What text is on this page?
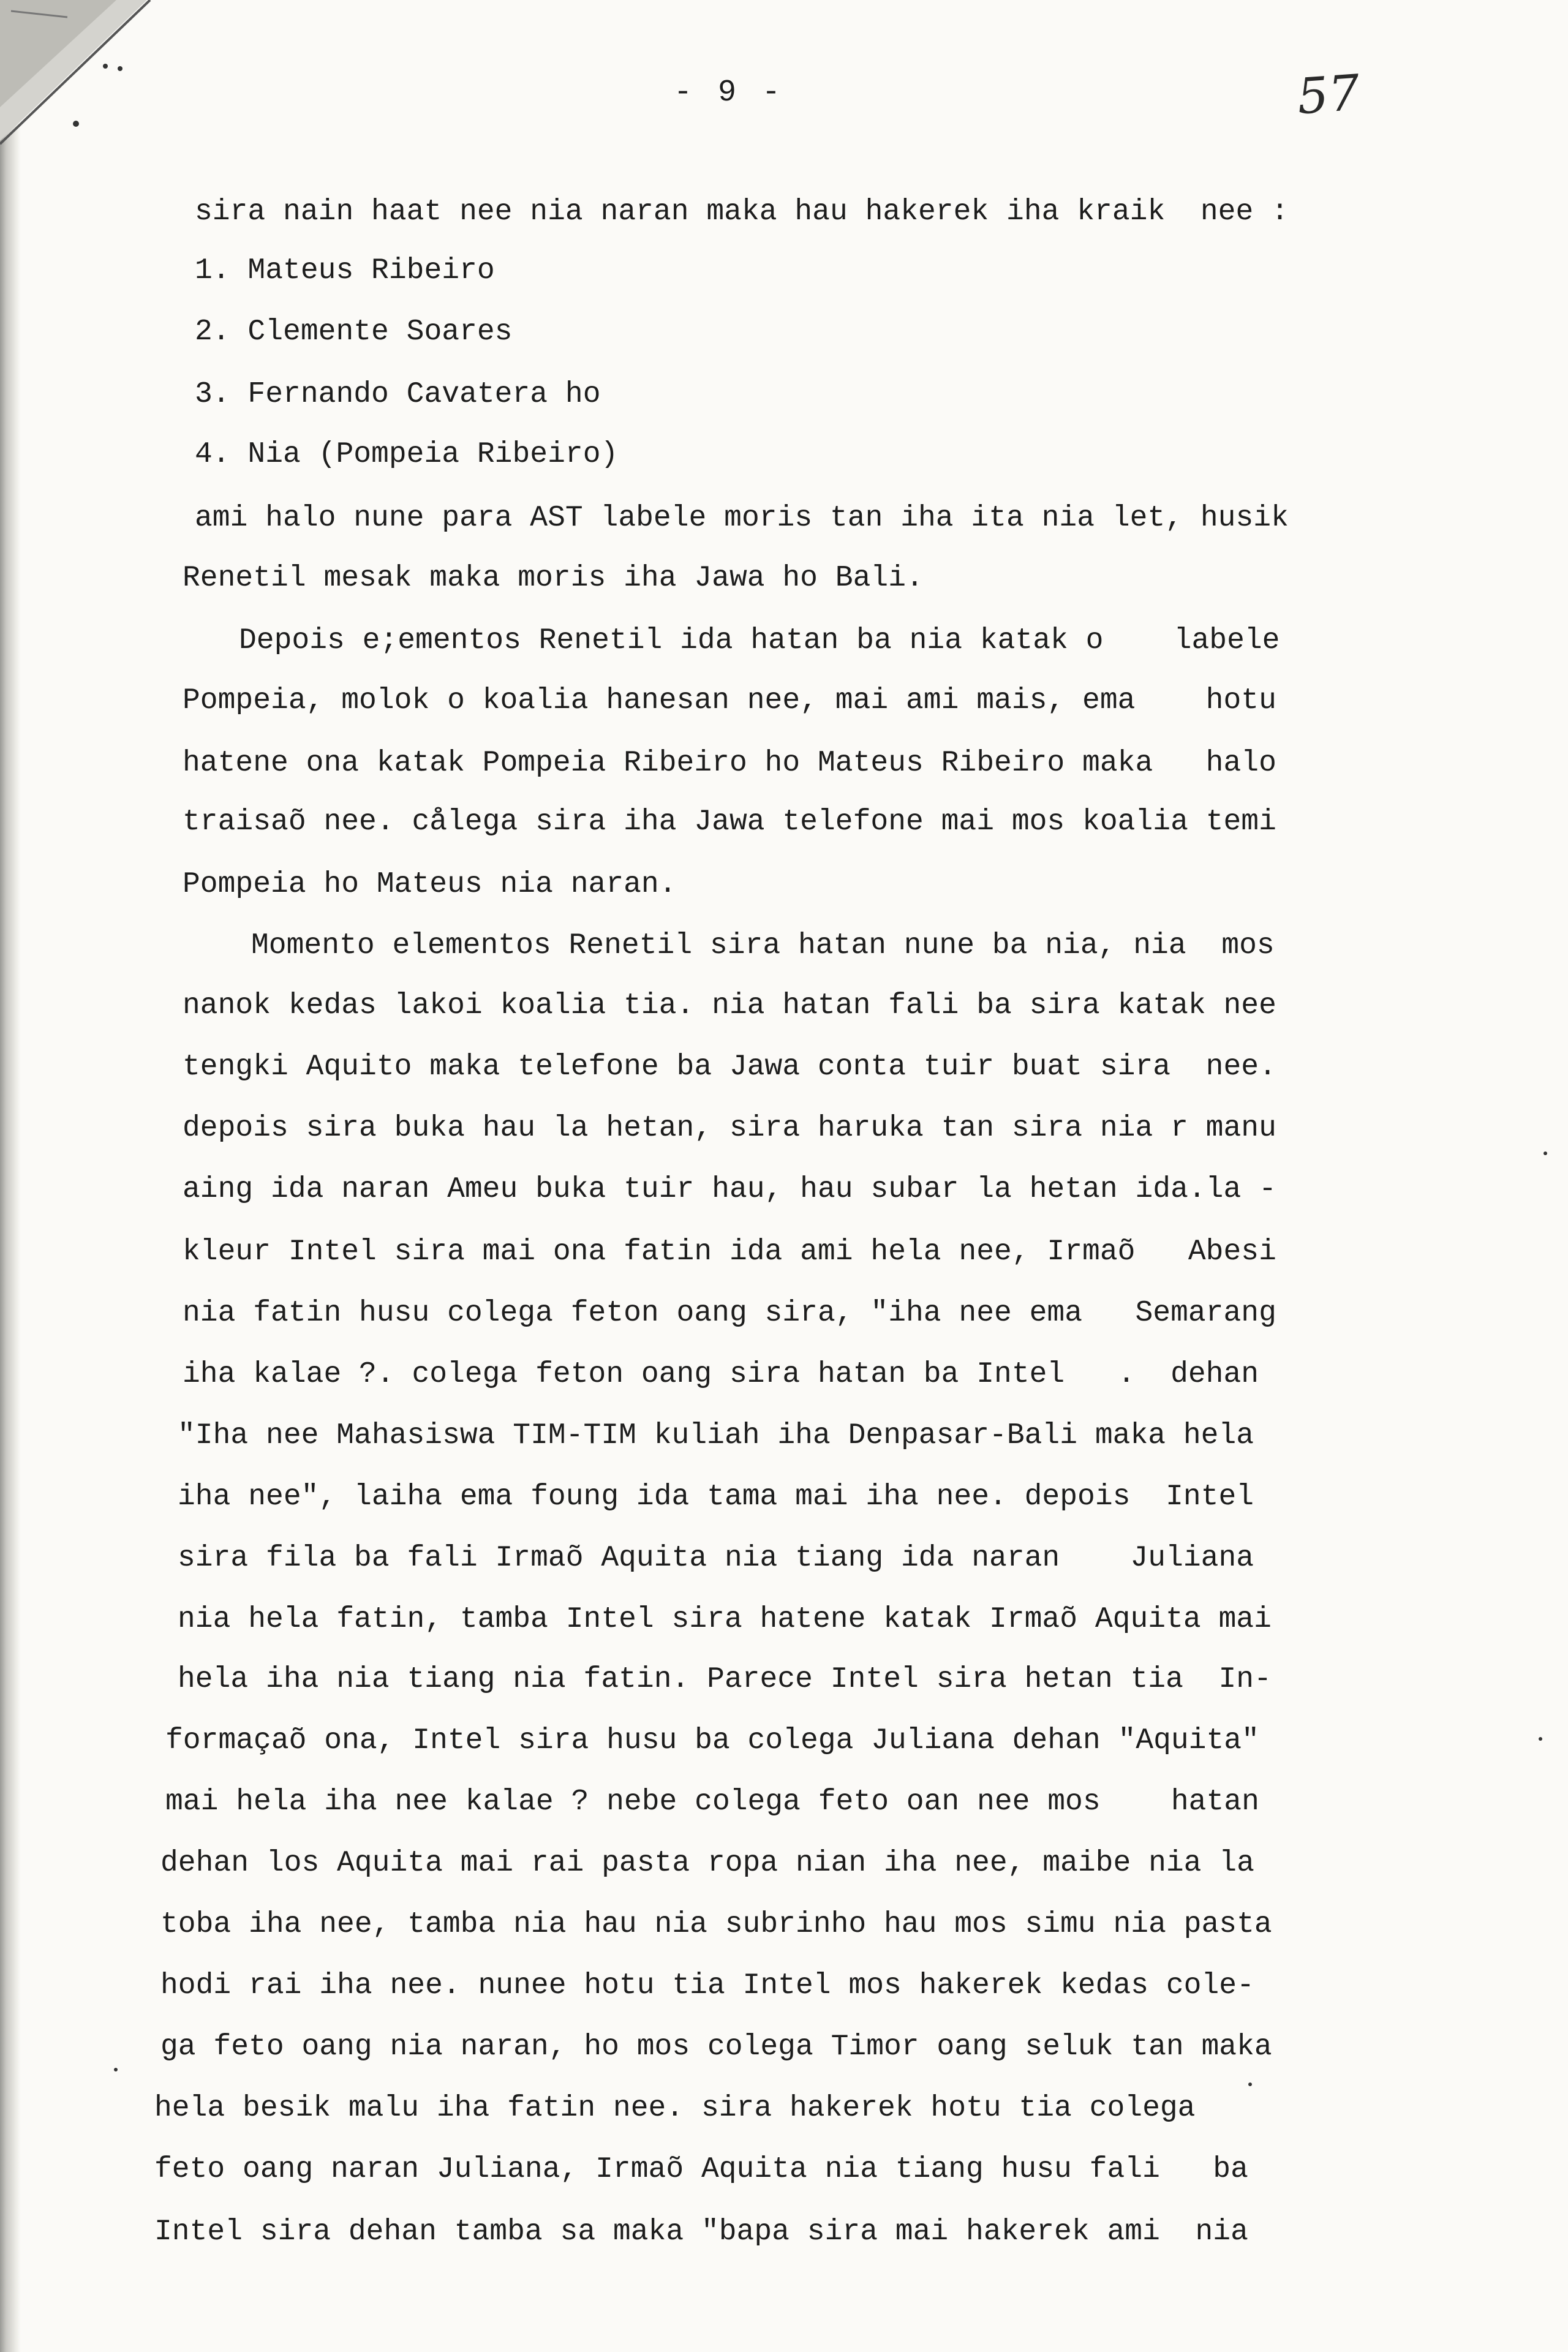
- 9 -	57
sira nain haat nee nia naran maka hau hakerek iha kraik  nee :
1. Mateus Ribeiro
2. Clemente Soares
3. Fernando Cavatera ho
4. Nia (Pompeia Ribeiro)
ami halo nune para AST labele moris tan iha ita nia let, husik
Renetil mesak maka moris iha Jawa ho Bali.
Depois e;ementos Renetil ida hatan ba nia katak o    labele
Pompeia, molok o koalia hanesan nee, mai ami mais, ema    hotu
hatene ona katak Pompeia Ribeiro ho Mateus Ribeiro maka   halo
traisaõ nee. cålega sira iha Jawa telefone mai mos koalia temi
Pompeia ho Mateus nia naran.
Momento elementos Renetil sira hatan nune ba nia, nia  mos
nanok kedas lakoi koalia tia. nia hatan fali ba sira katak nee
tengki Aquito maka telefone ba Jawa conta tuir buat sira  nee.
depois sira buka hau la hetan, sira haruka tan sira nia r manu
aing ida naran Ameu buka tuir hau, hau subar la hetan ida.la -
kleur Intel sira mai ona fatin ida ami hela nee, Irmaõ   Abesi
nia fatin husu colega feton oang sira, "iha nee ema   Semarang
iha kalae ?. colega feton oang sira hatan ba Intel   .  dehan
"Iha nee Mahasiswa TIM-TIM kuliah iha Denpasar-Bali maka hela
iha nee", laiha ema foung ida tama mai iha nee. depois  Intel
sira fila ba fali Irmaõ Aquita nia tiang ida naran    Juliana
nia hela fatin, tamba Intel sira hatene katak Irmaõ Aquita mai
hela iha nia tiang nia fatin. Parece Intel sira hetan tia  In-
formaçaõ ona, Intel sira husu ba colega Juliana dehan "Aquita"
mai hela iha nee kalae ? nebe colega feto oan nee mos    hatan
dehan los Aquita mai rai pasta ropa nian iha nee, maibe nia la
toba iha nee, tamba nia hau nia subrinho hau mos simu nia pasta
hodi rai iha nee. nunee hotu tia Intel mos hakerek kedas cole-
ga feto oang nia naran, ho mos colega Timor oang seluk tan maka
hela besik malu iha fatin nee. sira hakerek hotu tia colega
feto oang naran Juliana, Irmaõ Aquita nia tiang husu fali   ba
Intel sira dehan tamba sa maka "bapa sira mai hakerek ami  nia
